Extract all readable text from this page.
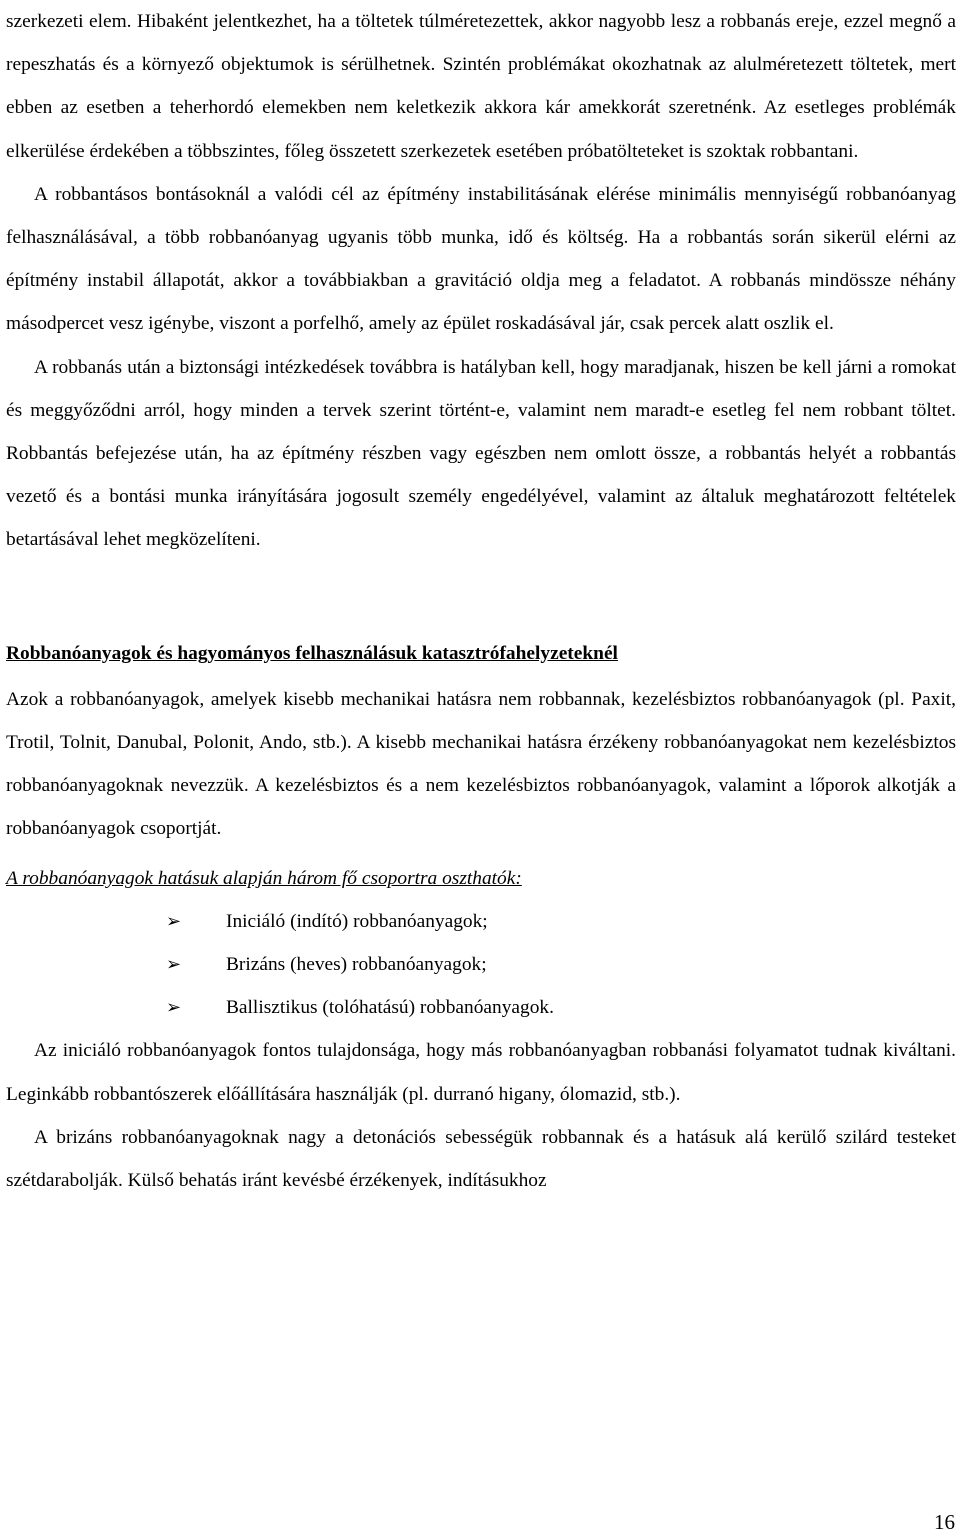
szerkezeti elem. Hibaként jelentkezhet, ha a töltetek túlméretezettek, akkor nagyobb lesz a robbanás ereje, ezzel megnő a repeszhatás és a környező objektumok is sérülhetnek. Szintén problémákat okozhatnak az alulméretezett töltetek, mert ebben az esetben a teherhordó elemekben nem keletkezik akkora kár amekkorát szeretnénk. Az esetleges problémák elkerülése érdekében a többszintes, főleg összetett szerkezetek esetében próbatölteteket is szoktak robbantani.

A robbantásos bontásoknál a valódi cél az építmény instabilitásának elérése minimális mennyiségű robbanóanyag felhasználásával, a több robbanóanyag ugyanis több munka, idő és költség. Ha a robbantás során sikerül elérni az építmény instabil állapotát, akkor a továbbiakban a gravitáció oldja meg a feladatot. A robbanás mindössze néhány másodpercet vesz igénybe, viszont a porfelhő, amely az épület roskadásával jár, csak percek alatt oszlik el.

A robbanás után a biztonsági intézkedések továbbra is hatályban kell, hogy maradjanak, hiszen be kell járni a romokat és meggyőződni arról, hogy minden a tervek szerint történt-e, valamint nem maradt-e esetleg fel nem robbant töltet. Robbantás befejezése után, ha az építmény részben vagy egészben nem omlott össze, a robbantás helyét a robbantás vezető és a bontási munka irányítására jogosult személy engedélyével, valamint az általuk meghatározott feltételek betartásával lehet megközelíteni.

Robbanóanyagok és hagyományos felhasználásuk katasztrófahelyzeteknél

Azok a robbanóanyagok, amelyek kisebb mechanikai hatásra nem robbannak, kezelésbiztos robbanóanyagok (pl. Paxit, Trotil, Tolnit, Danubal, Polonit, Ando, stb.). A kisebb mechanikai hatásra érzékeny robbanóanyagokat nem kezelésbiztos robbanóanyagoknak nevezzük. A kezelésbiztos és a nem kezelésbiztos robbanóanyagok, valamint a lőporok alkotják a robbanóanyagok csoportját.

A robbanóanyagok hatásuk alapján három fő csoportra oszthatók:

➢	Iniciáló (indító) robbanóanyagok;
➢	Brizáns (heves) robbanóanyagok;
➢	Ballisztikus (tolóhatású) robbanóanyagok.

Az iniciáló robbanóanyagok fontos tulajdonsága, hogy más robbanóanyagban robbanási folyamatot tudnak kiváltani. Leginkább robbantószerek előállítására használják (pl. durranó higany, ólomazid, stb.).

A brizáns robbanóanyagoknak nagy a detonációs sebességük robbannak és a hatásuk alá kerülő szilárd testeket szétdarabolják. Külső behatás iránt kevésbé érzékenyek, indításukhoz

16
